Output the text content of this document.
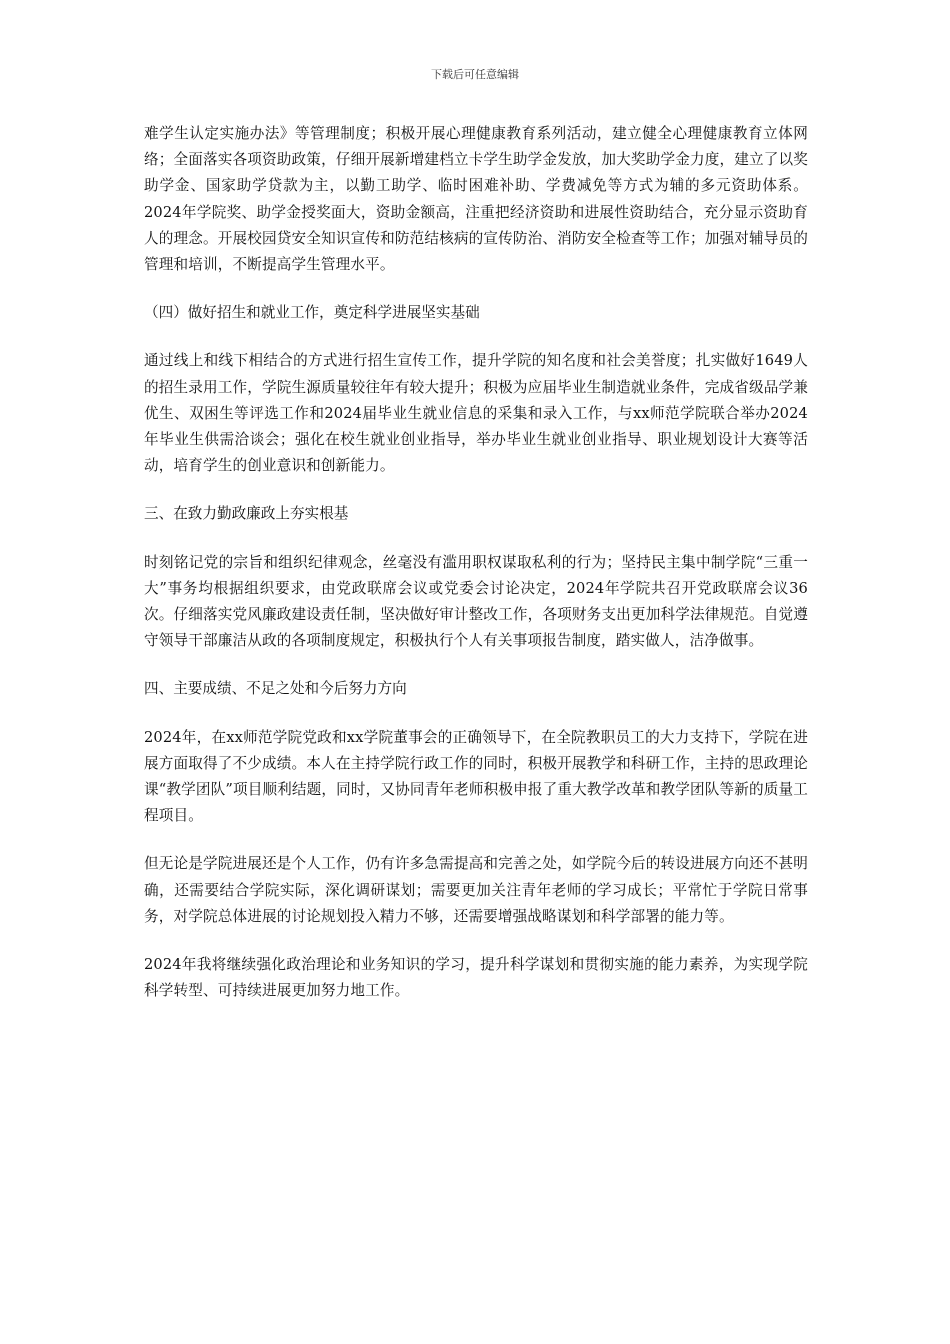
下载后可任意编辑

难学生认定实施办法》等管理制度；积极开展心理健康教育系列活动，建立健全心理健康教育立体网络；全面落实各项资助政策，仔细开展新增建档立卡学生助学金发放，加大奖助学金力度，建立了以奖助学金、国家助学贷款为主，以勤工助学、临时困难补助、学费减免等方式为辅的多元资助体系。2024年学院奖、助学金授奖面大，资助金额高，注重把经济资助和进展性资助结合，充分显示资助育人的理念。开展校园贷安全知识宣传和防范结核病的宣传防治、消防安全检查等工作；加强对辅导员的管理和培训，不断提高学生管理水平。

（四）做好招生和就业工作，奠定科学进展坚实基础

通过线上和线下相结合的方式进行招生宣传工作，提升学院的知名度和社会美誉度；扎实做好1649人的招生录用工作，学院生源质量较往年有较大提升；积极为应届毕业生制造就业条件，完成省级品学兼优生、双困生等评选工作和2024届毕业生就业信息的采集和录入工作，与xx师范学院联合举办2024年毕业生供需洽谈会；强化在校生就业创业指导，举办毕业生就业创业指导、职业规划设计大赛等活动，培育学生的创业意识和创新能力。

三、在致力勤政廉政上夯实根基

时刻铭记党的宗旨和组织纪律观念，丝毫没有滥用职权谋取私利的行为；坚持民主集中制学院“三重一大”事务均根据组织要求，由党政联席会议或党委会讨论决定，2024年学院共召开党政联席会议36次。仔细落实党风廉政建设责任制，坚决做好审计整改工作，各项财务支出更加科学法律规范。自觉遵守领导干部廉洁从政的各项制度规定，积极执行个人有关事项报告制度，踏实做人，洁净做事。

四、主要成绩、不足之处和今后努力方向

2024年，在xx师范学院党政和xx学院董事会的正确领导下，在全院教职员工的大力支持下，学院在进展方面取得了不少成绩。本人在主持学院行政工作的同时，积极开展教学和科研工作，主持的思政理论课“教学团队”项目顺利结题，同时，又协同青年老师积极申报了重大教学改革和教学团队等新的质量工程项目。

但无论是学院进展还是个人工作，仍有许多急需提高和完善之处，如学院今后的转设进展方向还不甚明确，还需要结合学院实际，深化调研谋划；需要更加关注青年老师的学习成长；平常忙于学院日常事务，对学院总体进展的讨论规划投入精力不够，还需要增强战略谋划和科学部署的能力等。

2024年我将继续强化政治理论和业务知识的学习，提升科学谋划和贯彻实施的能力素养，为实现学院科学转型、可持续进展更加努力地工作。
